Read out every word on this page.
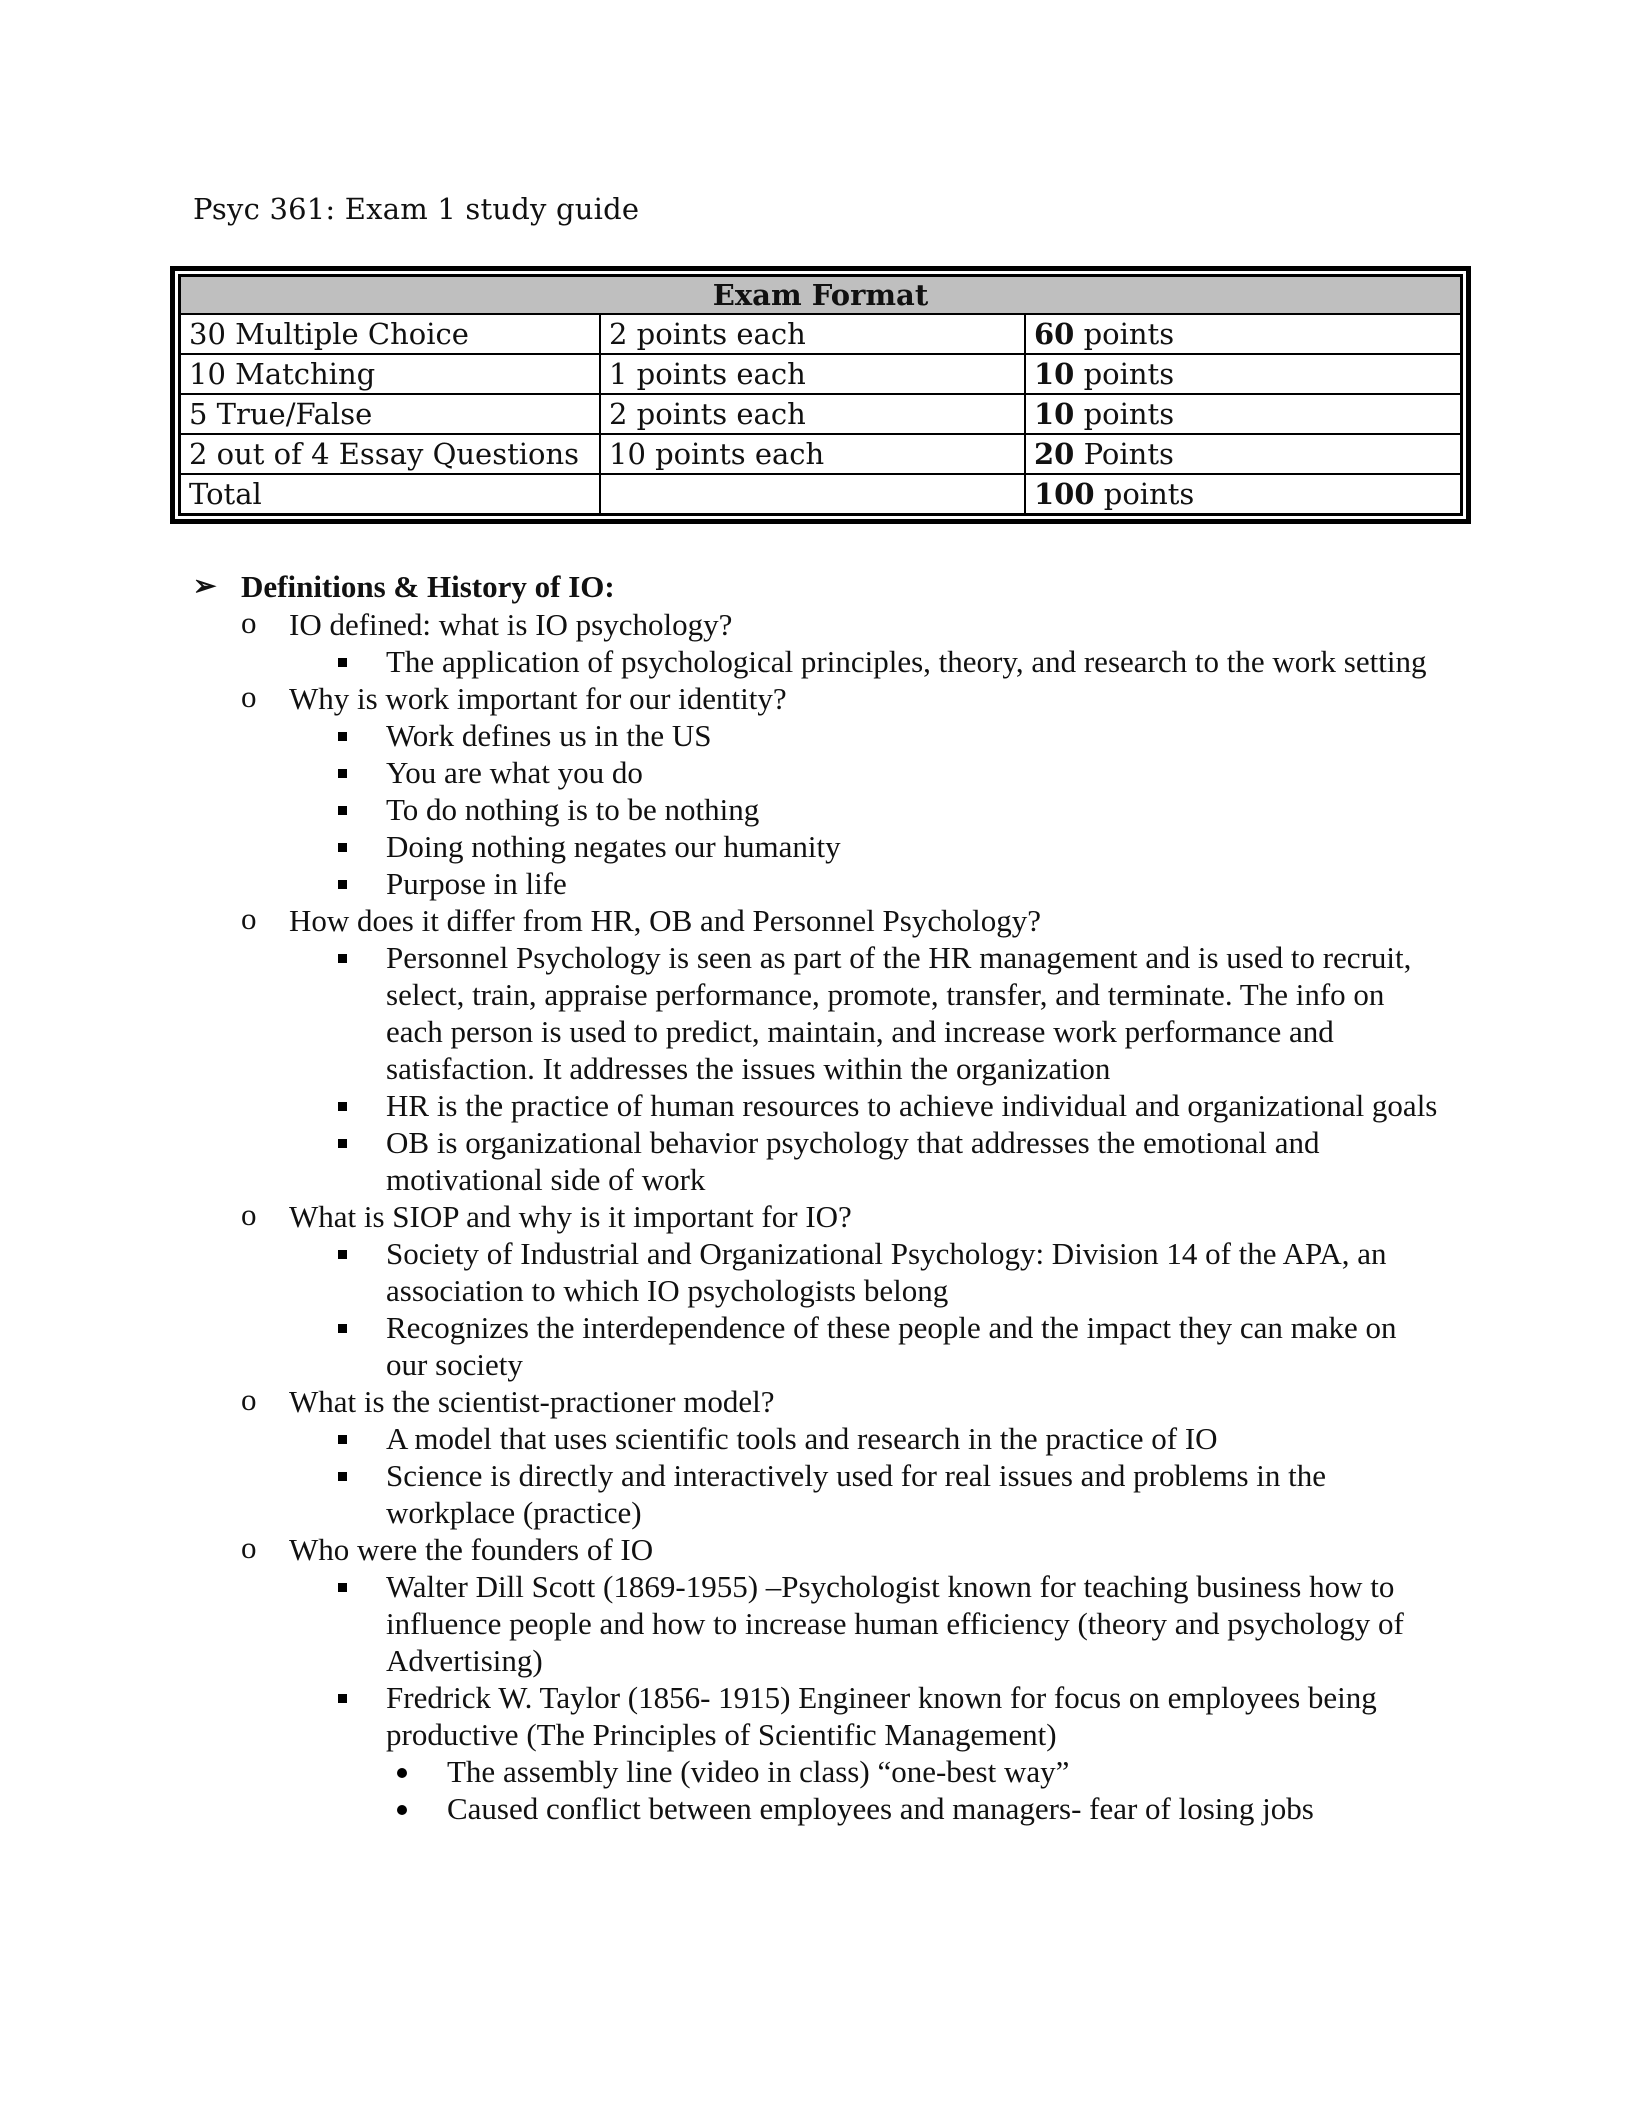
Psyc 361: Exam 1 study guide
Exam Format		
30 Multiple Choice	2 points each	60 points
10 Matching	1 points each	10 points
5 True/False	2 points each	10 points
2 out of 4 Essay Questions	10 points each	20 Points
Total		100 points
➢ Definitions & History of IO:
o IO defined: what is IO psychology?
The application of psychological principles, theory, and research to the work setting
o Why is work important for our identity?
Work defines us in the US
You are what you do
To do nothing is to be nothing
Doing nothing negates our humanity
Purpose in life
o How does it differ from HR, OB and Personnel Psychology?
Personnel Psychology is seen as part of the HR management and is used to recruit, select, train, appraise performance, promote, transfer, and terminate. The info on each person is used to predict, maintain, and increase work performance and satisfaction. It addresses the issues within the organization
HR is the practice of human resources to achieve individual and organizational goals
OB is organizational behavior psychology that addresses the emotional and motivational side of work
o What is SIOP and why is it important for IO?
Society of Industrial and Organizational Psychology: Division 14 of the APA, an association to which IO psychologists belong
Recognizes the interdependence of these people and the impact they can make on our society
o What is the scientist-practioner model?
A model that uses scientific tools and research in the practice of IO
Science is directly and interactively used for real issues and problems in the workplace (practice)
o Who were the founders of IO
Walter Dill Scott (1869-1955) –Psychologist known for teaching business how to influence people and how to increase human efficiency (theory and psychology of Advertising)
Fredrick W. Taylor (1856- 1915) Engineer known for focus on employees being productive (The Principles of Scientific Management)
The assembly line (video in class) “one-best way”
Caused conflict between employees and managers- fear of losing jobs
